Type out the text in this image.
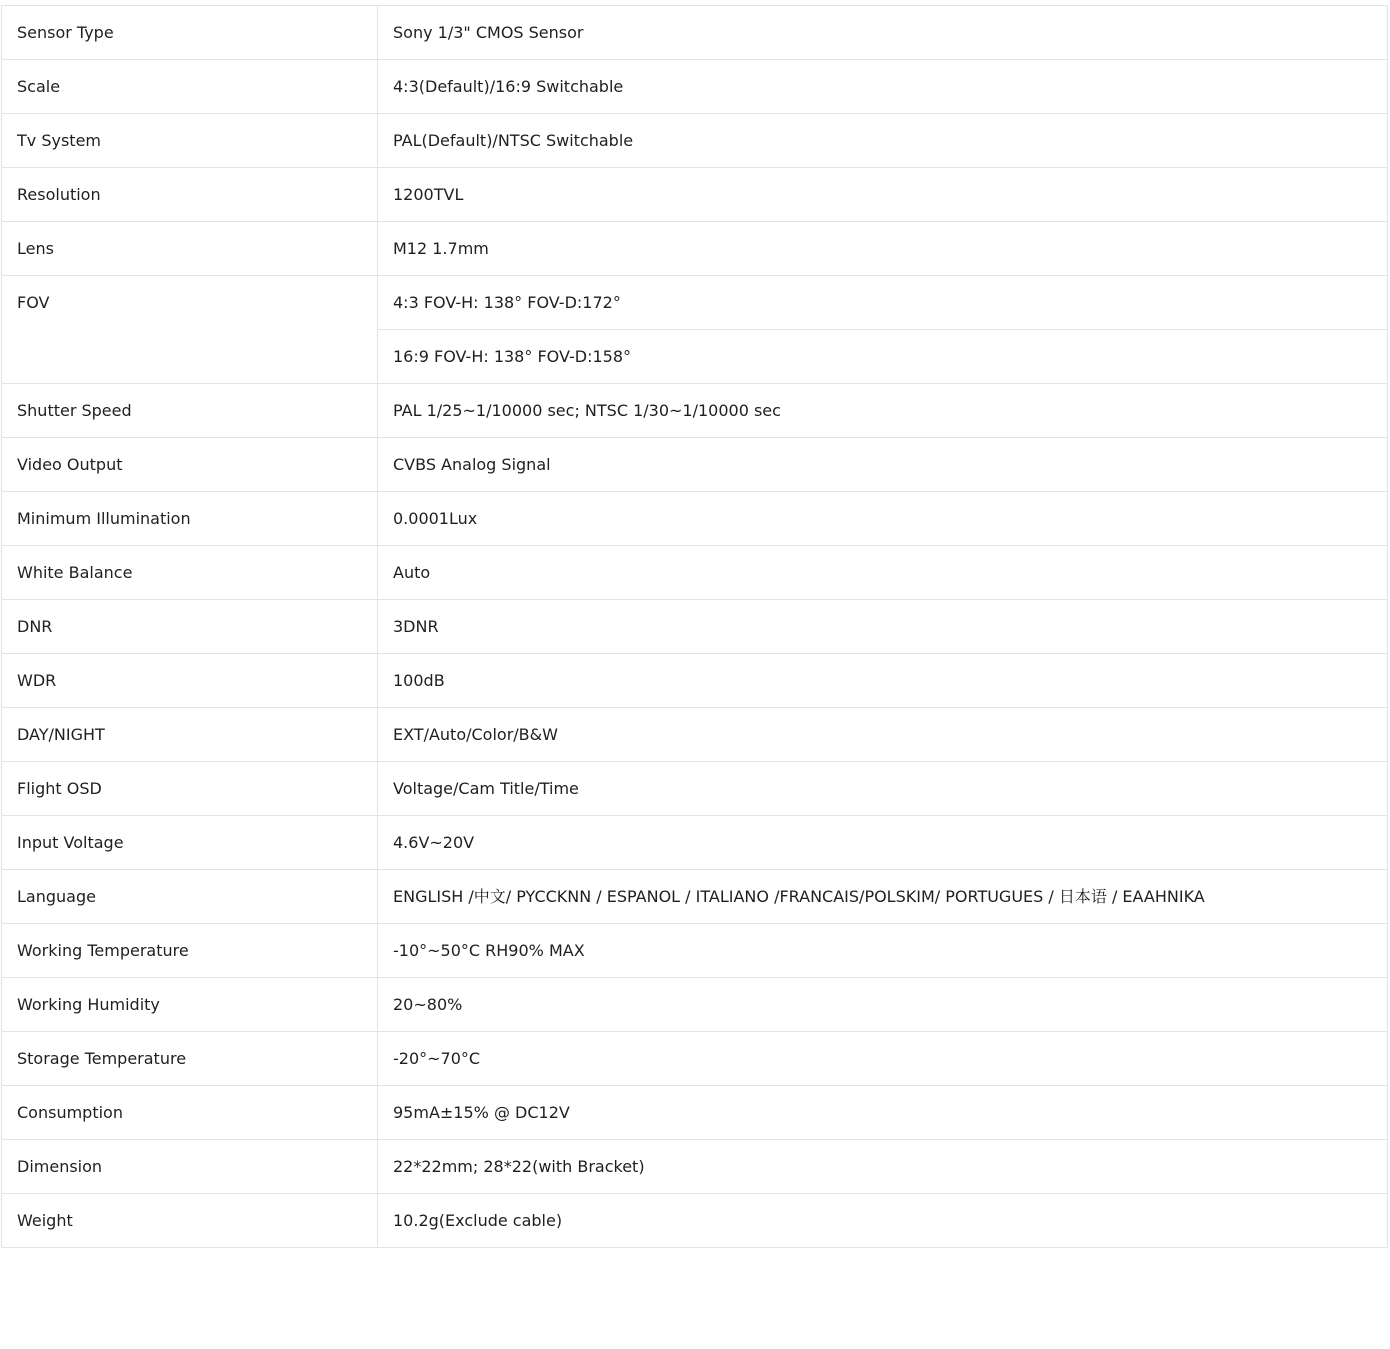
Sensor Type	Sony 1/3" CMOS Sensor
Scale	4:3(Default)/16:9 Switchable
Tv System	PAL(Default)/NTSC Switchable
Resolution	1200TVL
Lens	M12 1.7mm
FOV	4:3 FOV-H: 138° FOV-D:172°
	16:9 FOV-H: 138° FOV-D:158°
Shutter Speed	PAL 1/25~1/10000 sec; NTSC 1/30~1/10000 sec
Video Output	CVBS Analog Signal
Minimum Illumination	0.0001Lux
White Balance	Auto
DNR	3DNR
WDR	100dB
DAY/NIGHT	EXT/Auto/Color/B&W
Flight OSD	Voltage/Cam Title/Time
Input Voltage	4.6V~20V
Language	ENGLISH /中文/ PYCCKNN / ESPANOL / ITALIANO /FRANCAIS/POLSKIM/ PORTUGUES / 日本语 / EAAHNIKA
Working Temperature	-10°~50°C RH90% MAX
Working Humidity	20~80%
Storage Temperature	-20°~70°C
Consumption	95mA±15% @ DC12V
Dimension	22*22mm; 28*22(with Bracket)
Weight	10.2g(Exclude cable)
